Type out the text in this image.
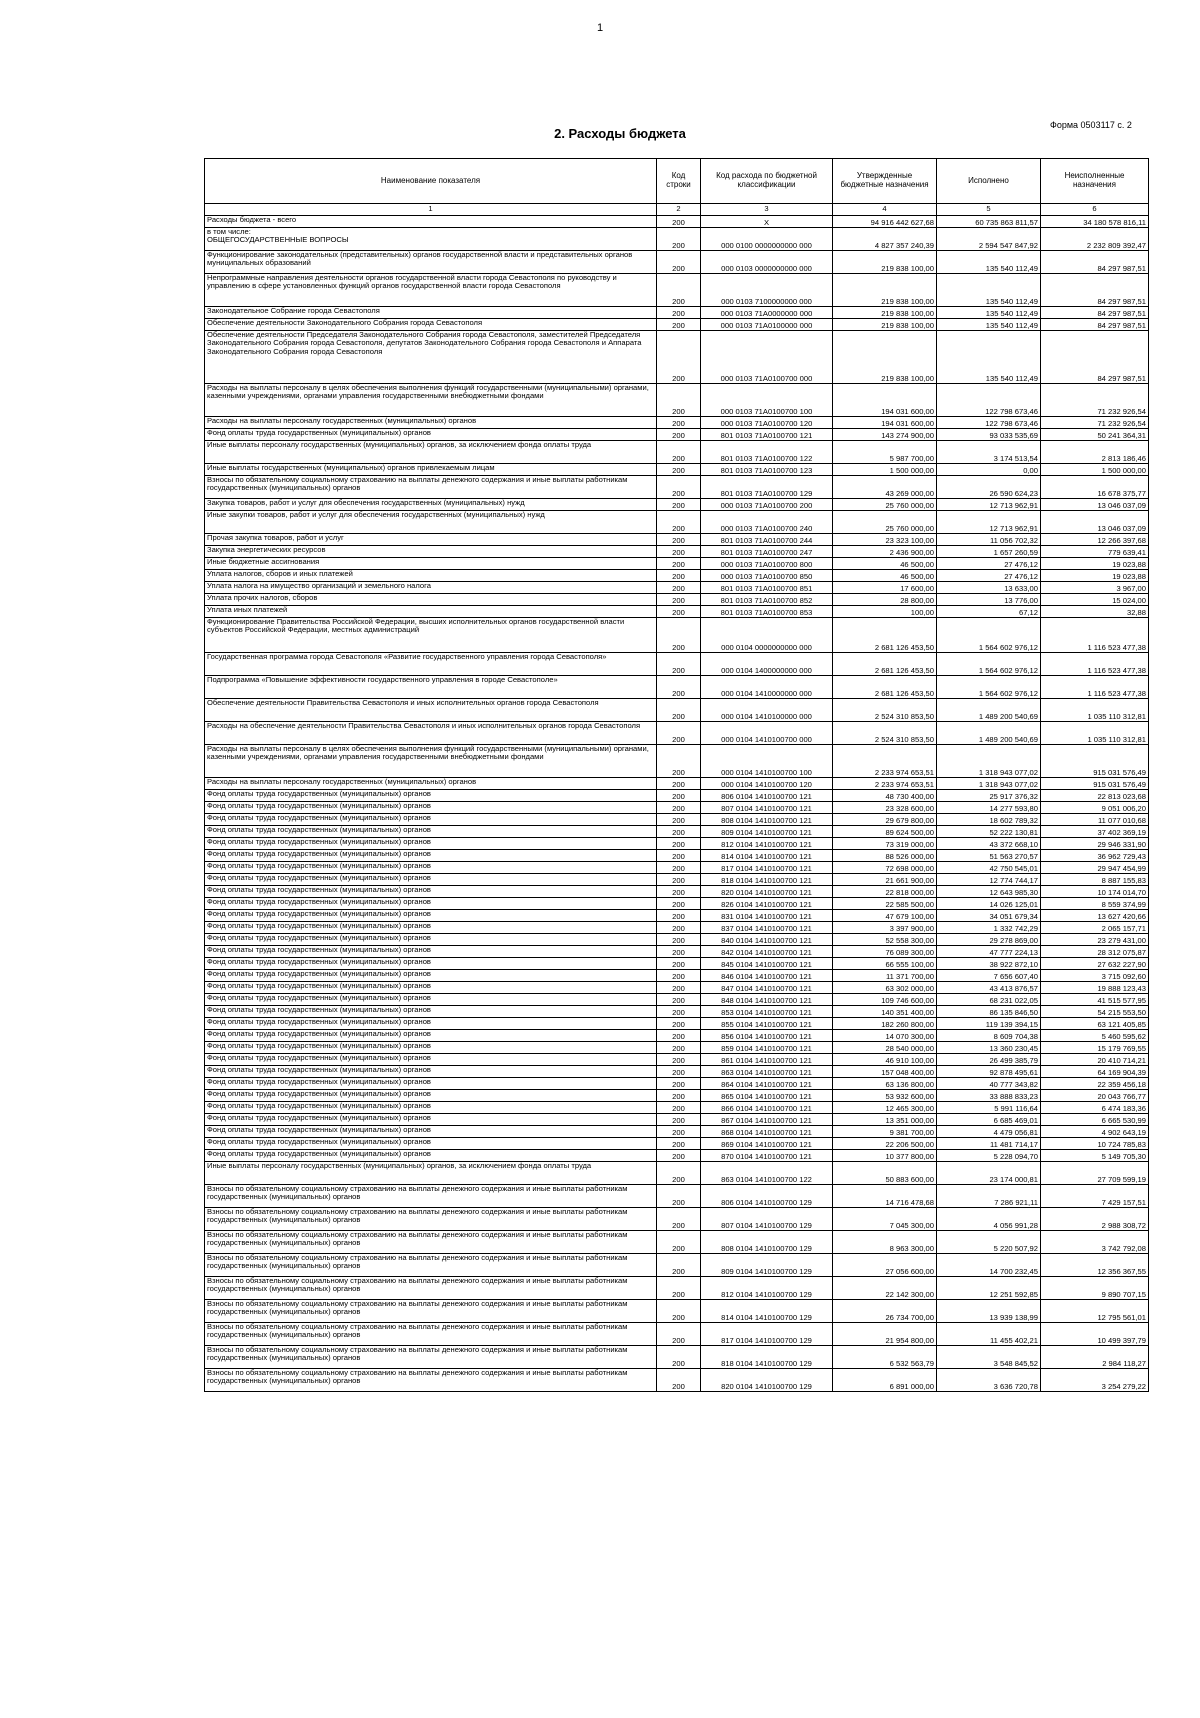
1
Форма 0503117 с. 2
2. Расходы бюджета
Наименование показателя	Код строки	Код расхода по бюджетной классификации	Утвержденные бюджетные назначения	Исполнено	Неисполненные назначения
1	2	3	4	5	6
Расходы бюджета - всего	200	X	94 916 442 627,68	60 735 863 811,57	34 180 578 816,11
в том числе:
ОБЩЕГОСУДАРСТВЕННЫЕ ВОПРОСЫ	200	000 0100 0000000000 000	4 827 357 240,39	2 594 547 847,92	2 232 809 392,47
Функционирование законодательных (представительных) органов государственной власти и представительных органов муниципальных образований	200	000 0103 0000000000 000	219 838 100,00	135 540 112,49	84 297 987,51
Непрограммные направления деятельности органов государственной власти города Севастополя по руководству и управлению в сфере установленных функций органов государственной власти города Севастополя	200	000 0103 7100000000 000	219 838 100,00	135 540 112,49	84 297 987,51
Законодательное Собрание города Севастополя	200	000 0103 71A0000000 000	219 838 100,00	135 540 112,49	84 297 987,51
Обеспечение деятельности Законодательного Собрания города Севастополя	200	000 0103 71A0100000 000	219 838 100,00	135 540 112,49	84 297 987,51
Обеспечение деятельности Председателя Законодательного Собрания города Севастополя, заместителей Председателя Законодательного Собрания города Севастополя, депутатов Законодательного Собрания города Севастополя и Аппарата Законодательного Собрания города Севастополя	200	000 0103 71A0100700 000	219 838 100,00	135 540 112,49	84 297 987,51
Расходы на выплаты персоналу в целях обеспечения выполнения функций государственными (муниципальными) органами, казенными учреждениями, органами управления государственными внебюджетными фондами	200	000 0103 71A0100700 100	194 031 600,00	122 798 673,46	71 232 926,54
Расходы на выплаты персоналу государственных (муниципальных) органов	200	000 0103 71A0100700 120	194 031 600,00	122 798 673,46	71 232 926,54
Фонд оплаты труда государственных (муниципальных) органов	200	801 0103 71A0100700 121	143 274 900,00	93 033 535,69	50 241 364,31
Иные выплаты персоналу государственных (муниципальных) органов, за исключением фонда оплаты труда	200	801 0103 71A0100700 122	5 987 700,00	3 174 513,54	2 813 186,46
Иные выплаты государственных (муниципальных) органов привлекаемым лицам	200	801 0103 71A0100700 123	1 500 000,00	0,00	1 500 000,00
Взносы по обязательному социальному страхованию на выплаты денежного содержания и иные выплаты работникам государственных (муниципальных) органов	200	801 0103 71A0100700 129	43 269 000,00	26 590 624,23	16 678 375,77
Закупка товаров, работ и услуг для обеспечения государственных (муниципальных) нужд	200	000 0103 71A0100700 200	25 760 000,00	12 713 962,91	13 046 037,09
Иные закупки товаров, работ и услуг для обеспечения государственных (муниципальных) нужд	200	000 0103 71A0100700 240	25 760 000,00	12 713 962,91	13 046 037,09
Прочая закупка товаров, работ и услуг	200	801 0103 71A0100700 244	23 323 100,00	11 056 702,32	12 266 397,68
Закупка энергетических ресурсов	200	801 0103 71A0100700 247	2 436 900,00	1 657 260,59	779 639,41
Иные бюджетные ассигнования	200	000 0103 71A0100700 800	46 500,00	27 476,12	19 023,88
Уплата налогов, сборов и иных платежей	200	000 0103 71A0100700 850	46 500,00	27 476,12	19 023,88
Уплата налога на имущество организаций и земельного налога	200	801 0103 71A0100700 851	17 600,00	13 633,00	3 967,00
Уплата прочих налогов, сборов	200	801 0103 71A0100700 852	28 800,00	13 776,00	15 024,00
Уплата иных платежей	200	801 0103 71A0100700 853	100,00	67,12	32,88
Функционирование Правительства Российской Федерации, высших исполнительных органов государственной власти субъектов Российской Федерации, местных администраций	200	000 0104 0000000000 000	2 681 126 453,50	1 564 602 976,12	1 116 523 477,38
Государственная программа города Севастополя «Развитие государственного управления города Севастополя»	200	000 0104 1400000000 000	2 681 126 453,50	1 564 602 976,12	1 116 523 477,38
Подпрограмма «Повышение эффективности государственного управления в городе Севастополе»	200	000 0104 1410000000 000	2 681 126 453,50	1 564 602 976,12	1 116 523 477,38
Обеспечение деятельности Правительства Севастополя и иных исполнительных органов города Севастополя	200	000 0104 1410100000 000	2 524 310 853,50	1 489 200 540,69	1 035 110 312,81
Расходы на обеспечение деятельности Правительства Севастополя и иных исполнительных органов города Севастополя	200	000 0104 1410100700 000	2 524 310 853,50	1 489 200 540,69	1 035 110 312,81
Расходы на выплаты персоналу в целях обеспечения выполнения функций государственными (муниципальными) органами, казенными учреждениями, органами управления государственными внебюджетными фондами	200	000 0104 1410100700 100	2 233 974 653,51	1 318 943 077,02	915 031 576,49
Расходы на выплаты персоналу государственных (муниципальных) органов	200	000 0104 1410100700 120	2 233 974 653,51	1 318 943 077,02	915 031 576,49
Фонд оплаты труда государственных (муниципальных) органов	200	806 0104 1410100700 121	48 730 400,00	25 917 376,32	22 813 023,68
Фонд оплаты труда государственных (муниципальных) органов	200	807 0104 1410100700 121	23 328 600,00	14 277 593,80	9 051 006,20
Фонд оплаты труда государственных (муниципальных) органов	200	808 0104 1410100700 121	29 679 800,00	18 602 789,32	11 077 010,68
Фонд оплаты труда государственных (муниципальных) органов	200	809 0104 1410100700 121	89 624 500,00	52 222 130,81	37 402 369,19
Фонд оплаты труда государственных (муниципальных) органов	200	812 0104 1410100700 121	73 319 000,00	43 372 668,10	29 946 331,90
Фонд оплаты труда государственных (муниципальных) органов	200	814 0104 1410100700 121	88 526 000,00	51 563 270,57	36 962 729,43
Фонд оплаты труда государственных (муниципальных) органов	200	817 0104 1410100700 121	72 698 000,00	42 750 545,01	29 947 454,99
Фонд оплаты труда государственных (муниципальных) органов	200	818 0104 1410100700 121	21 661 900,00	12 774 744,17	8 887 155,83
Фонд оплаты труда государственных (муниципальных) органов	200	820 0104 1410100700 121	22 818 000,00	12 643 985,30	10 174 014,70
Фонд оплаты труда государственных (муниципальных) органов	200	826 0104 1410100700 121	22 585 500,00	14 026 125,01	8 559 374,99
Фонд оплаты труда государственных (муниципальных) органов	200	831 0104 1410100700 121	47 679 100,00	34 051 679,34	13 627 420,66
Фонд оплаты труда государственных (муниципальных) органов	200	837 0104 1410100700 121	3 397 900,00	1 332 742,29	2 065 157,71
Фонд оплаты труда государственных (муниципальных) органов	200	840 0104 1410100700 121	52 558 300,00	29 278 869,00	23 279 431,00
Фонд оплаты труда государственных (муниципальных) органов	200	842 0104 1410100700 121	76 089 300,00	47 777 224,13	28 312 075,87
Фонд оплаты труда государственных (муниципальных) органов	200	845 0104 1410100700 121	66 555 100,00	38 922 872,10	27 632 227,90
Фонд оплаты труда государственных (муниципальных) органов	200	846 0104 1410100700 121	11 371 700,00	7 656 607,40	3 715 092,60
Фонд оплаты труда государственных (муниципальных) органов	200	847 0104 1410100700 121	63 302 000,00	43 413 876,57	19 888 123,43
Фонд оплаты труда государственных (муниципальных) органов	200	848 0104 1410100700 121	109 746 600,00	68 231 022,05	41 515 577,95
Фонд оплаты труда государственных (муниципальных) органов	200	853 0104 1410100700 121	140 351 400,00	86 135 846,50	54 215 553,50
Фонд оплаты труда государственных (муниципальных) органов	200	855 0104 1410100700 121	182 260 800,00	119 139 394,15	63 121 405,85
Фонд оплаты труда государственных (муниципальных) органов	200	856 0104 1410100700 121	14 070 300,00	8 609 704,38	5 460 595,62
Фонд оплаты труда государственных (муниципальных) органов	200	859 0104 1410100700 121	28 540 000,00	13 360 230,45	15 179 769,55
Фонд оплаты труда государственных (муниципальных) органов	200	861 0104 1410100700 121	46 910 100,00	26 499 385,79	20 410 714,21
Фонд оплаты труда государственных (муниципальных) органов	200	863 0104 1410100700 121	157 048 400,00	92 878 495,61	64 169 904,39
Фонд оплаты труда государственных (муниципальных) органов	200	864 0104 1410100700 121	63 136 800,00	40 777 343,82	22 359 456,18
Фонд оплаты труда государственных (муниципальных) органов	200	865 0104 1410100700 121	53 932 600,00	33 888 833,23	20 043 766,77
Фонд оплаты труда государственных (муниципальных) органов	200	866 0104 1410100700 121	12 465 300,00	5 991 116,64	6 474 183,36
Фонд оплаты труда государственных (муниципальных) органов	200	867 0104 1410100700 121	13 351 000,00	6 685 469,01	6 665 530,99
Фонд оплаты труда государственных (муниципальных) органов	200	868 0104 1410100700 121	9 381 700,00	4 479 056,81	4 902 643,19
Фонд оплаты труда государственных (муниципальных) органов	200	869 0104 1410100700 121	22 206 500,00	11 481 714,17	10 724 785,83
Фонд оплаты труда государственных (муниципальных) органов	200	870 0104 1410100700 121	10 377 800,00	5 228 094,70	5 149 705,30
Иные выплаты персоналу государственных (муниципальных) органов, за исключением фонда оплаты труда	200	863 0104 1410100700 122	50 883 600,00	23 174 000,81	27 709 599,19
Взносы по обязательному социальному страхованию на выплаты денежного содержания и иные выплаты работникам государственных (муниципальных) органов	200	806 0104 1410100700 129	14 716 478,68	7 286 921,11	7 429 157,51
Взносы по обязательному социальному страхованию на выплаты денежного содержания и иные выплаты работникам государственных (муниципальных) органов	200	807 0104 1410100700 129	7 045 300,00	4 056 991,28	2 988 308,72
Взносы по обязательному социальному страхованию на выплаты денежного содержания и иные выплаты работникам государственных (муниципальных) органов	200	808 0104 1410100700 129	8 963 300,00	5 220 507,92	3 742 792,08
Взносы по обязательному социальному страхованию на выплаты денежного содержания и иные выплаты работникам государственных (муниципальных) органов	200	809 0104 1410100700 129	27 056 600,00	14 700 232,45	12 356 367,55
Взносы по обязательному социальному страхованию на выплаты денежного содержания и иные выплаты работникам государственных (муниципальных) органов	200	812 0104 1410100700 129	22 142 300,00	12 251 592,85	9 890 707,15
Взносы по обязательному социальному страхованию на выплаты денежного содержания и иные выплаты работникам государственных (муниципальных) органов	200	814 0104 1410100700 129	26 734 700,00	13 939 138,99	12 795 561,01
Взносы по обязательному социальному страхованию на выплаты денежного содержания и иные выплаты работникам государственных (муниципальных) органов	200	817 0104 1410100700 129	21 954 800,00	11 455 402,21	10 499 397,79
Взносы по обязательному социальному страхованию на выплаты денежного содержания и иные выплаты работникам государственных (муниципальных) органов	200	818 0104 1410100700 129	6 532 563,79	3 548 845,52	2 984 118,27
Взносы по обязательному социальному страхованию на выплаты денежного содержания и иные выплаты работникам государственных (муниципальных) органов	200	820 0104 1410100700 129	6 891 000,00	3 636 720,78	3 254 279,22
